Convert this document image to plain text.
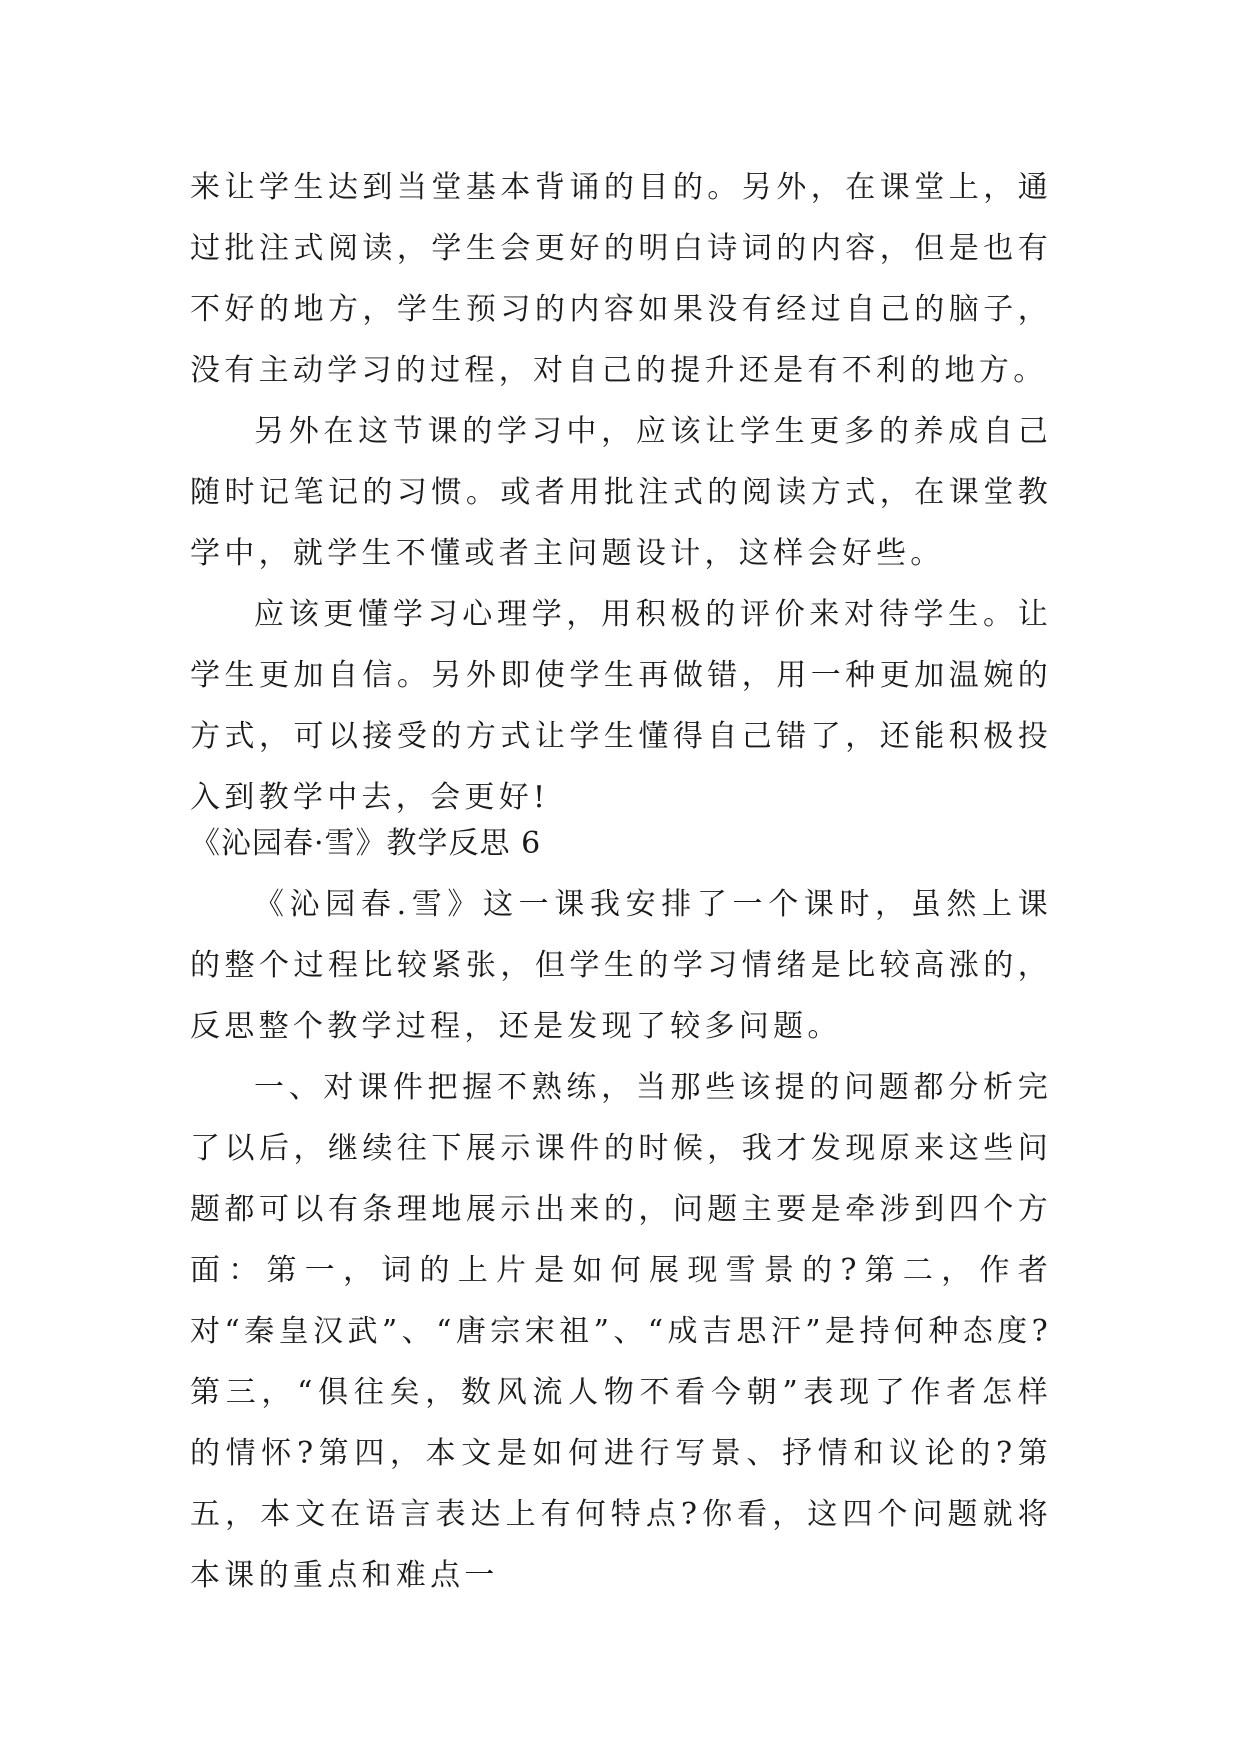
来让学生达到当堂基本背诵的目的。另外，在课堂上，通过批注式阅读，学生会更好的明白诗词的内容，但是也有不好的地方，学生预习的内容如果没有经过自己的脑子，没有主动学习的过程，对自己的提升还是有不利的地方。

另外在这节课的学习中，应该让学生更多的养成自己随时记笔记的习惯。或者用批注式的阅读方式，在课堂教学中，就学生不懂或者主问题设计，这样会好些。

应该更懂学习心理学，用积极的评价来对待学生。让学生更加自信。另外即使学生再做错，用一种更加温婉的方式，可以接受的方式让学生懂得自己错了，还能积极投入到教学中去，会更好!

《沁园春·雪》教学反思 6

《沁园春.雪》这一课我安排了一个课时，虽然上课的整个过程比较紧张，但学生的学习情绪是比较高涨的，反思整个教学过程，还是发现了较多问题。

一、对课件把握不熟练，当那些该提的问题都分析完了以后，继续往下展示课件的时候，我才发现原来这些问题都可以有条理地展示出来的，问题主要是牵涉到四个方面：第一，词的上片是如何展现雪景的?第二，作者对“秦皇汉武”、“唐宗宋祖”、“成吉思汗”是持何种态度?第三，“俱往矣，数风流人物不看今朝”表现了作者怎样的情怀?第四，本文是如何进行写景、抒情和议论的?第五，本文在语言表达上有何特点?你看，这四个问题就将本课的重点和难点一
